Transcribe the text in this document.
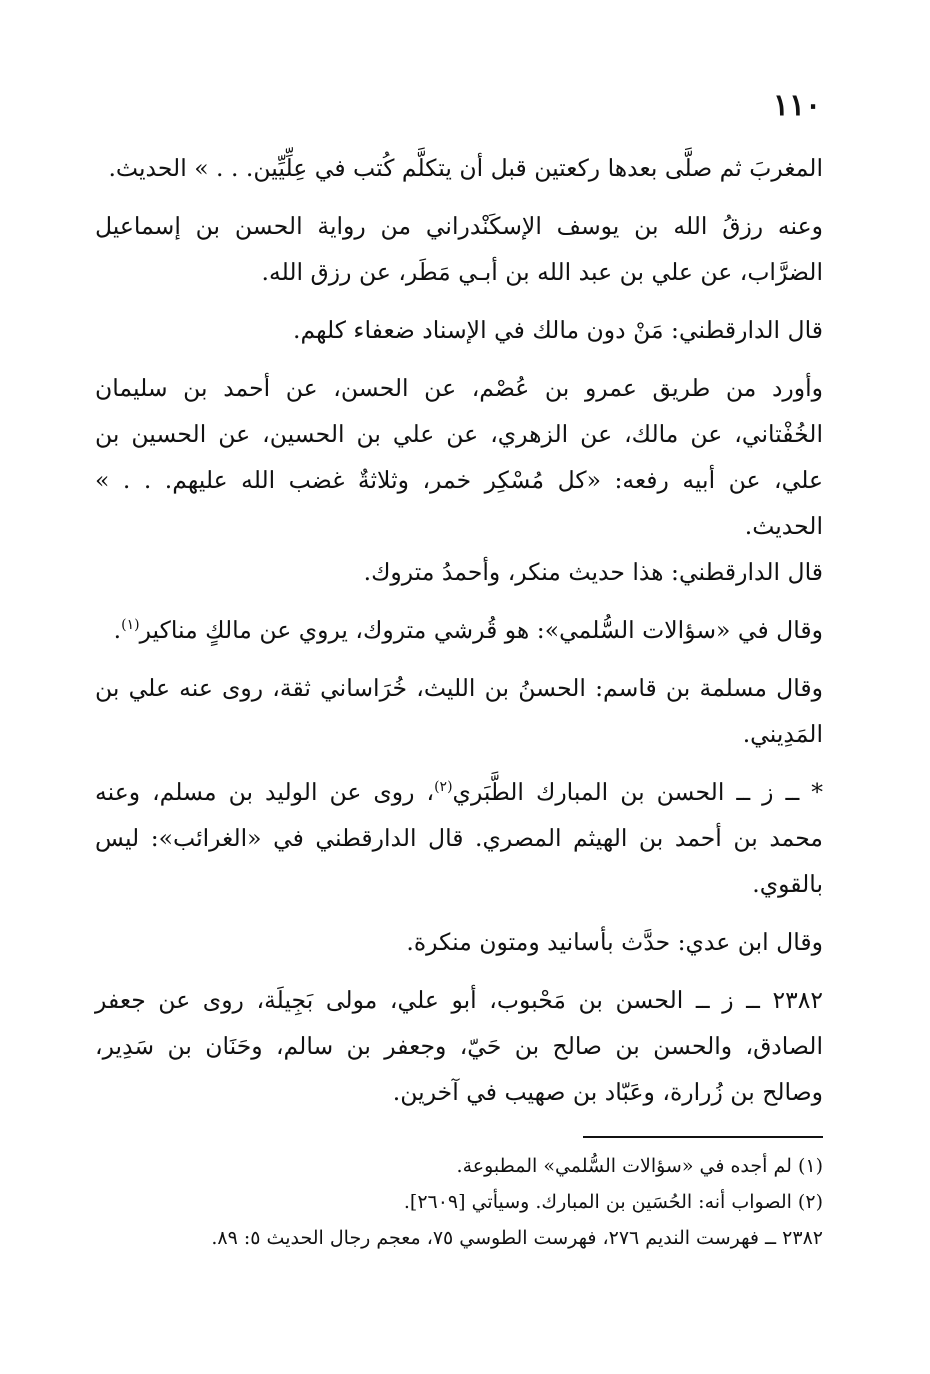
١١٠

المغربَ ثم صلَّى بعدها ركعتين قبل أن يتكلَّم كُتب في عِلِّيِّين. . . » الحديث.

وعنه رزقُ الله بن يوسف الإسكَنْدراني من رواية الحسن بن إسماعيل الضرَّاب، عن علي بن عبد الله بن أبـي مَطَر، عن رزق الله.

قال الدارقطني: مَنْ دون مالك في الإسناد ضعفاء كلهم.

وأورد من طريق عمرو بن عُصْم، عن الحسن، عن أحمد بن سليمان الخُفْتاني، عن مالك، عن الزهري، عن علي بن الحسين، عن الحسين بن علي، عن أبيه رفعه: «كل مُسْكِر خمر، وثلاثةٌ غضب الله عليهم. . . » الحديث.

قال الدارقطني: هذا حديث منكر، وأحمدُ متروك.

وقال في «سؤالات السُّلمي»: هو قُرشي متروك، يروي عن مالكٍ مناكير$^{(١)}$.

وقال مسلمة بن قاسم: الحسنُ بن الليث، خُرَاساني ثقة، روى عنه علي بن المَدِيني.

* ــ ز ــ الحسن بن المبارك الطَّبَري$^{(٢)}$، روى عن الوليد بن مسلم، وعنه محمد بن أحمد بن الهيثم المصري. قال الدارقطني في «الغرائب»: ليس بالقوي.

وقال ابن عدي: حدَّث بأسانيد ومتون منكرة.

٢٣٨٢ ــ ز ــ الحسن بن مَحْبوب، أبو علي، مولى بَجِيلَة، روى عن جعفر الصادق، والحسن بن صالح بن حَيّ، وجعفر بن سالم، وحَنَان بن سَدِير، وصالح بن زُرارة، وعَبّاد بن صهيب في آخرين.

(١) لم أجده في «سؤالات السُّلمي» المطبوعة.
(٢) الصواب أنه: الحُسَين بن المبارك. وسيأتي [٢٦٠٩].
٢٣٨٢ ــ فهرست النديم ٢٧٦، فهرست الطوسي ٧٥، معجم رجال الحديث ٥: ٨٩.
